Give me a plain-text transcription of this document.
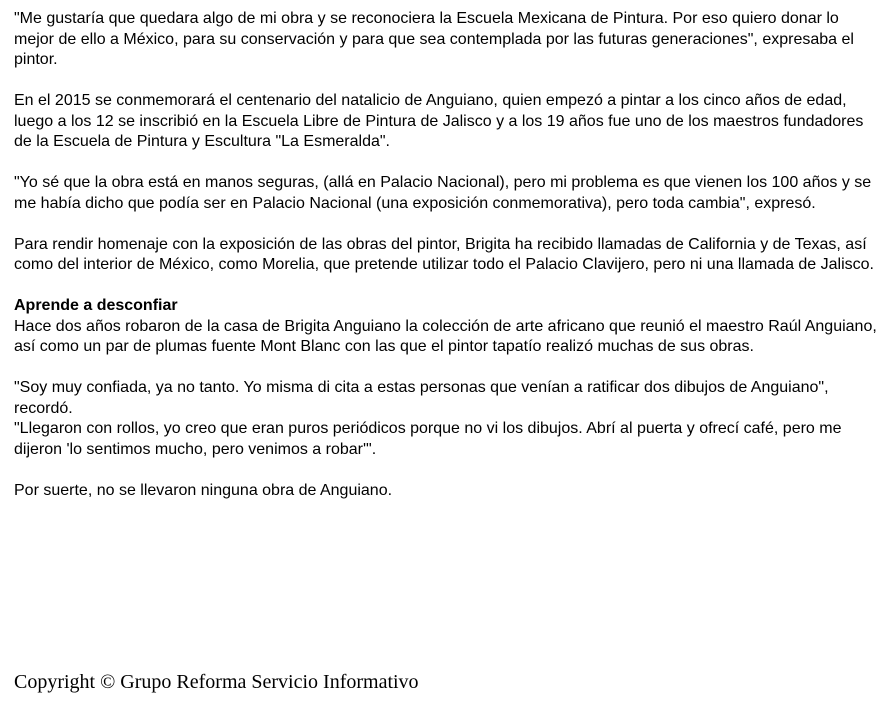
"Me gustaría que quedara algo de mi obra y se reconociera la Escuela Mexicana de Pintura. Por eso quiero donar lo mejor de ello a México, para su conservación y para que sea contemplada por las futuras generaciones", expresaba el pintor.

En el 2015 se conmemorará el centenario del natalicio de Anguiano, quien empezó a pintar a los cinco años de edad, luego a los 12 se inscribió en la Escuela Libre de Pintura de Jalisco y a los 19 años fue uno de los maestros fundadores de la Escuela de Pintura y Escultura "La Esmeralda".

"Yo sé que la obra está en manos seguras, (allá en Palacio Nacional), pero mi problema es que vienen los 100 años y se me había dicho que podía ser en Palacio Nacional (una exposición conmemorativa), pero toda cambia", expresó.

Para rendir homenaje con la exposición de las obras del pintor, Brigita ha recibido llamadas de California y de Texas, así como del interior de México, como Morelia, que pretende utilizar todo el Palacio Clavijero, pero ni una llamada de Jalisco.

Aprende a desconfiar

Hace dos años robaron de la casa de Brigita Anguiano la colección de arte africano que reunió el maestro Raúl Anguiano, así como un par de plumas fuente Mont Blanc con las que el pintor tapatío realizó muchas de sus obras.

"Soy muy confiada, ya no tanto. Yo misma di cita a estas personas que venían a ratificar dos dibujos de Anguiano", recordó.

"Llegaron con rollos, yo creo que eran puros periódicos porque no vi los dibujos. Abrí al puerta y ofrecí café, pero me dijeron 'lo sentimos mucho, pero venimos a robar'".

Por suerte, no se llevaron ninguna obra de Anguiano.

Copyright © Grupo Reforma Servicio Informativo
